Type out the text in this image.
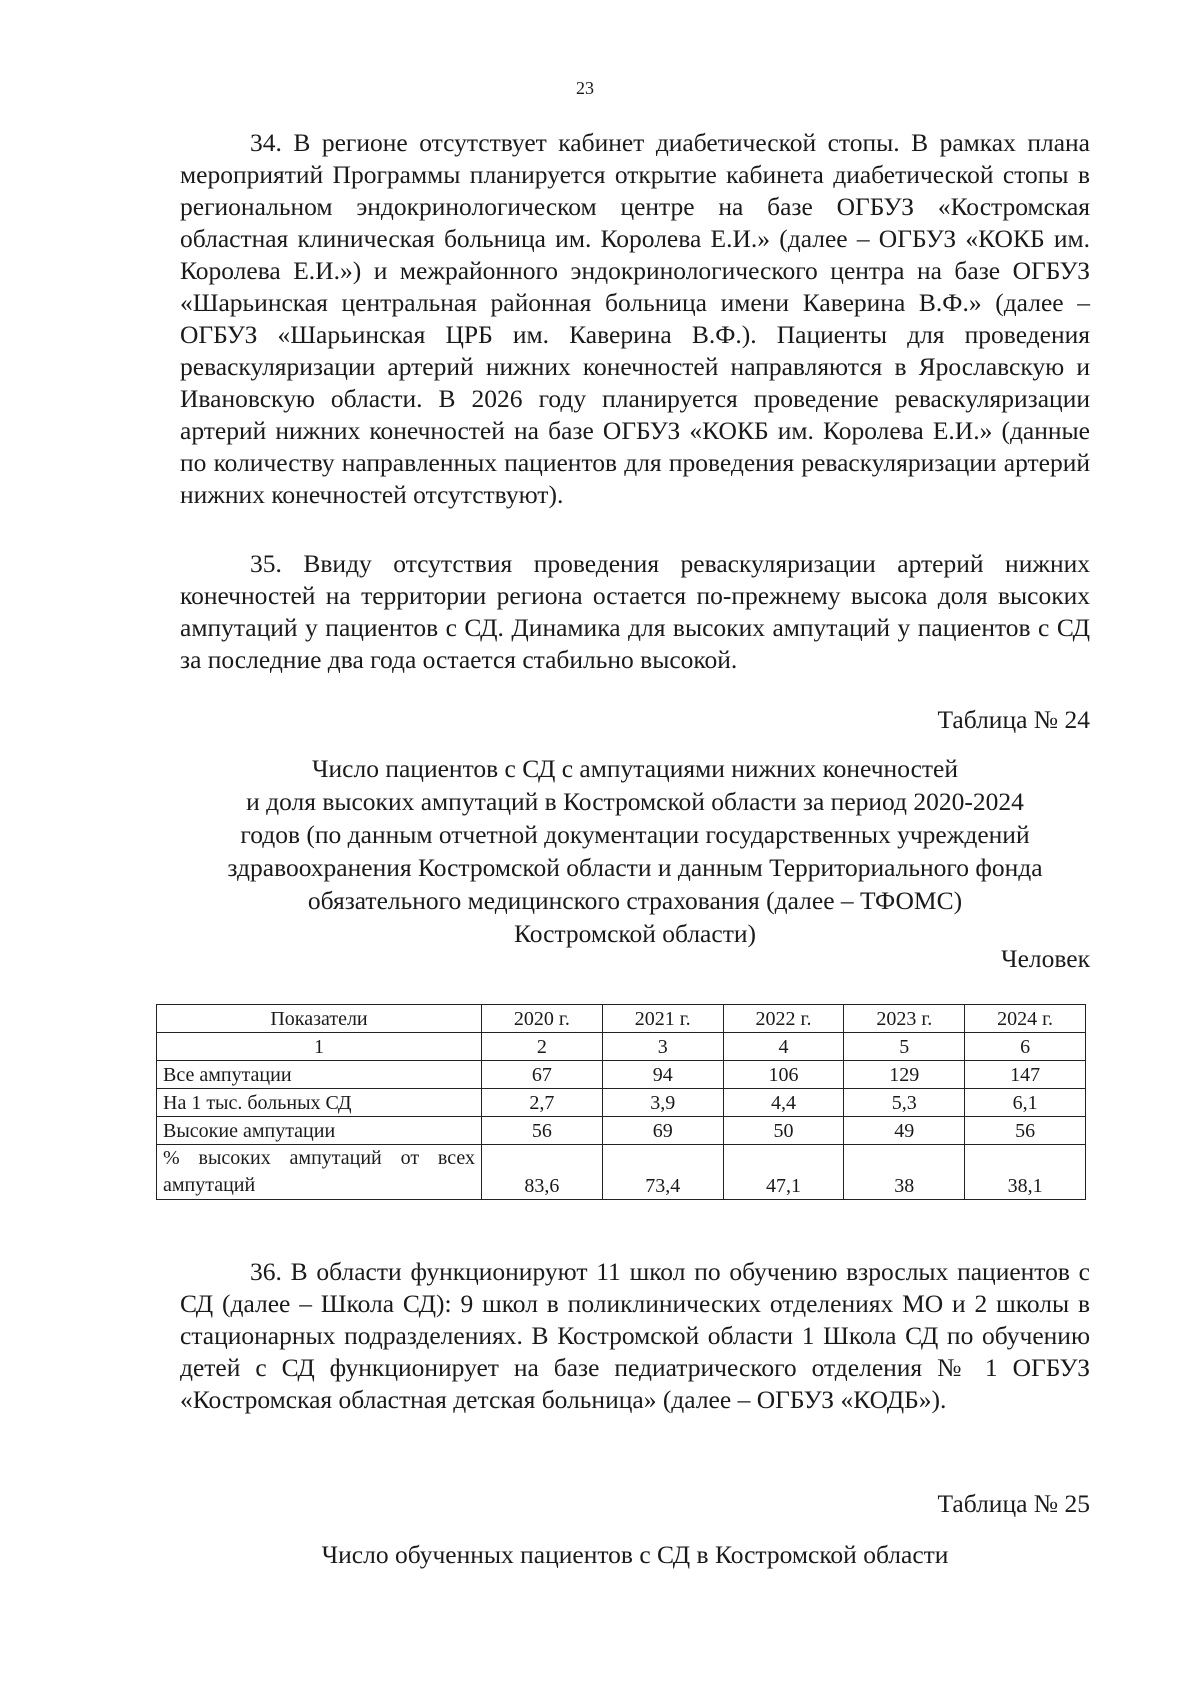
23
34. В регионе отсутствует кабинет диабетической стопы. В рамках плана мероприятий Программы планируется открытие кабинета диабетической стопы в региональном эндокринологическом центре на базе ОГБУЗ «Костромская областная клиническая больница им. Королева Е.И.» (далее – ОГБУЗ «КОКБ им. Королева Е.И.») и межрайонного эндокринологического центра на базе ОГБУЗ «Шарьинская центральная районная больница имени Каверина В.Ф.» (далее – ОГБУЗ «Шарьинская ЦРБ им. Каверина В.Ф.). Пациенты для проведения реваскуляризации артерий нижних конечностей направляются в Ярославскую и Ивановскую области. В 2026 году планируется проведение реваскуляризации артерий нижних конечностей на базе ОГБУЗ «КОКБ им. Королева Е.И.» (данные по количеству направленных пациентов для проведения реваскуляризации артерий нижних конечностей отсутствуют).
35. Ввиду отсутствия проведения реваскуляризации артерий нижних конечностей на территории региона остается по-прежнему высока доля высоких ампутаций у пациентов с СД. Динамика для высоких ампутаций у пациентов с СД за последние два года остается стабильно высокой.
Таблица № 24
Число пациентов с СД с ампутациями нижних конечностей
и доля высоких ампутаций в Костромской области за период 2020-2024
годов (по данным отчетной документации государственных учреждений
здравоохранения Костромской области и данным Территориального фонда
обязательного медицинского страхования (далее – ТФОМС)
Костромской области)
Человек
Показатели	2020 г.	2021 г.	2022 г.	2023 г.	2024 г.
1	2	3	4	5	6
Все ампутации	67	94	106	129	147
На 1 тыс. больных СД	2,7	3,9	4,4	5,3	6,1
Высокие ампутации	56	69	50	49	56
% высоких ампутаций от всех ампутаций	83,6	73,4	47,1	38	38,1
36. В области функционируют 11 школ по обучению взрослых пациентов с СД (далее – Школа СД): 9 школ в поликлинических отделениях МО и 2 школы в стационарных подразделениях. В Костромской области 1 Школа СД по обучению детей с СД функционирует на базе педиатрического отделения № 1 ОГБУЗ «Костромская областная детская больница» (далее – ОГБУЗ «КОДБ»).
Таблица № 25
Число обученных пациентов с СД в Костромской области
